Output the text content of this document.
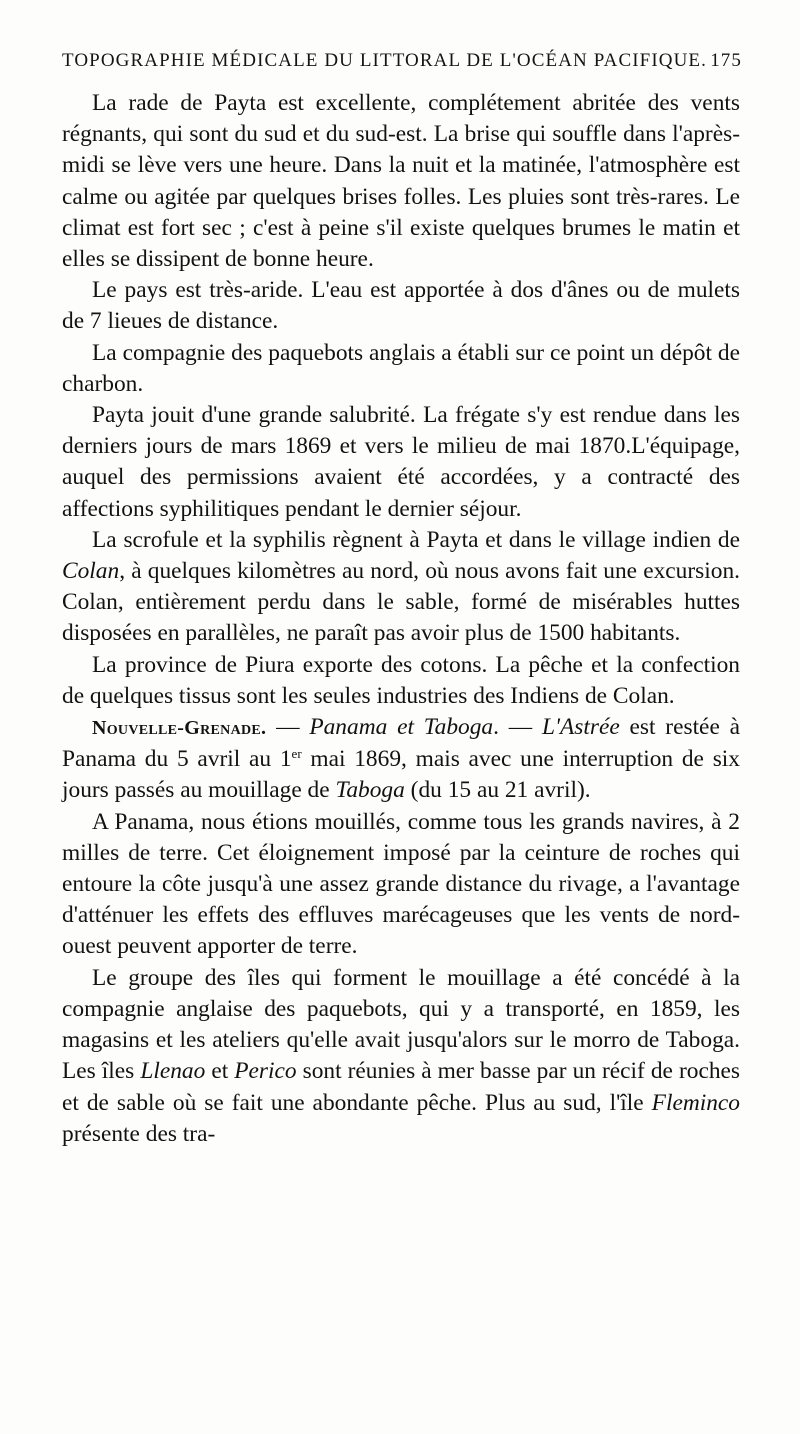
TOPOGRAPHIE MÉDICALE DU LITTORAL DE L'OCÉAN PACIFIQUE. 175

La rade de Payta est excellente, complétement abritée des vents régnants, qui sont du sud et du sud-est. La brise qui souffle dans l'après-midi se lève vers une heure. Dans la nuit et la matinée, l'atmosphère est calme ou agitée par quelques brises folles. Les pluies sont très-rares. Le climat est fort sec ; c'est à peine s'il existe quelques brumes le matin et elles se dissipent de bonne heure.

Le pays est très-aride. L'eau est apportée à dos d'ânes ou de mulets de 7 lieues de distance.

La compagnie des paquebots anglais a établi sur ce point un dépôt de charbon.

Payta jouit d'une grande salubrité. La frégate s'y est rendue dans les derniers jours de mars 1869 et vers le milieu de mai 1870.L'équipage, auquel des permissions avaient été accordées, y a contracté des affections syphilitiques pendant le dernier séjour.

La scrofule et la syphilis règnent à Payta et dans le village indien de Colan, à quelques kilomètres au nord, où nous avons fait une excursion. Colan, entièrement perdu dans le sable, formé de misérables huttes disposées en parallèles, ne paraît pas avoir plus de 1500 habitants.

La province de Piura exporte des cotons. La pêche et la confection de quelques tissus sont les seules industries des Indiens de Colan.

Nouvelle-Grenade. — Panama et Taboga. — L'Astrée est restée à Panama du 5 avril au 1er mai 1869, mais avec une interruption de six jours passés au mouillage de Taboga (du 15 au 21 avril).

A Panama, nous étions mouillés, comme tous les grands navires, à 2 milles de terre. Cet éloignement imposé par la ceinture de roches qui entoure la côte jusqu'à une assez grande distance du rivage, a l'avantage d'atténuer les effets des effluves marécageuses que les vents de nord-ouest peuvent apporter de terre.

Le groupe des îles qui forment le mouillage a été concédé à la compagnie anglaise des paquebots, qui y a transporté, en 1859, les magasins et les ateliers qu'elle avait jusqu'alors sur le morro de Taboga. Les îles Llenao et Perico sont réunies à mer basse par un récif de roches et de sable où se fait une abondante pêche. Plus au sud, l'île Fleminco présente des tra-
